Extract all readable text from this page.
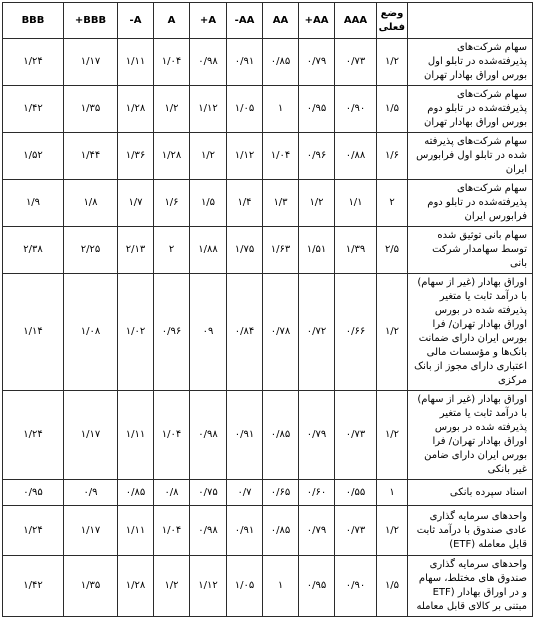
	وضع فعلی	AAA	AA+	AA	AA-	A+	A	A-	BBB+	BBB
سهام شرکت‌های پذیرفته‌شده در تابلو اول بورس اوراق بهادار تهران	۱/۲	۰/۷۳	۰/۷۹	۰/۸۵	۰/۹۱	۰/۹۸	۱/۰۴	۱/۱۱	۱/۱۷	۱/۲۴
سهام شرکت‌های پذیرفته‌شده در تابلو دوم بورس اوراق بهادار تهران	۱/۵	۰/۹۰	۰/۹۵	۱	۱/۰۵	۱/۱۲	۱/۲	۱/۲۸	۱/۳۵	۱/۴۲
سهام شرکت‌های پذیرفته شده در تابلو اول فرابورس ایران	۱/۶	۰/۸۸	۰/۹۶	۱/۰۴	۱/۱۲	۱/۲	۱/۲۸	۱/۳۶	۱/۴۴	۱/۵۲
سهام شرکت‌های پذیرفته‌شده در تابلو دوم فرابورس ایران	۲	۱/۱	۱/۲	۱/۳	۱/۴	۱/۵	۱/۶	۱/۷	۱/۸	۱/۹
سهام بانی توثیق شده توسط سهامدار شرکت بانی	۲/۵	۱/۳۹	۱/۵۱	۱/۶۳	۱/۷۵	۱/۸۸	۲	۲/۱۳	۲/۲۵	۲/۳۸
اوراق بهادار (غیر از سهام) با درآمد ثابت یا متغیر پذیرفته شده در بورس اوراق بهادار تهران/ فرا بورس ایران دارای ضمانت بانک‌ها و مؤسسات مالی اعتباری دارای مجوز از بانک مرکزی	۱/۲	۰/۶۶	۰/۷۲	۰/۷۸	۰/۸۴	۰۹	۰/۹۶	۱/۰۲	۱/۰۸	۱/۱۴
اوراق بهادار (غیر از سهام) با درآمد ثابت یا متغیر پذیرفته شده در بورس اوراق بهادار تهران/ فرا بورس ایران دارای ضامن غیر بانکی	۱/۲	۰/۷۳	۰/۷۹	۰/۸۵	۰/۹۱	۰/۹۸	۱/۰۴	۱/۱۱	۱/۱۷	۱/۲۴
اسناد سپرده بانکی	۱	۰/۵۵	۰/۶۰	۰/۶۵	۰/۷	۰/۷۵	۰/۸	۰/۸۵	۰/۹	۰/۹۵
واحدهای سرمایه گذاری عادی صندوق با درآمد ثابت قابل معامله (ETF)	۱/۲	۰/۷۳	۰/۷۹	۰/۸۵	۰/۹۱	۰/۹۸	۱/۰۴	۱/۱۱	۱/۱۷	۱/۲۴
واحدهای سرمایه گذاری صندوق های مختلط، سهام و در اوراق بهادار (ETF مبتنی بر کالای قابل معامله	۱/۵	۰/۹۰	۰/۹۵	۱	۱/۰۵	۱/۱۲	۱/۲	۱/۲۸	۱/۳۵	۱/۴۲
